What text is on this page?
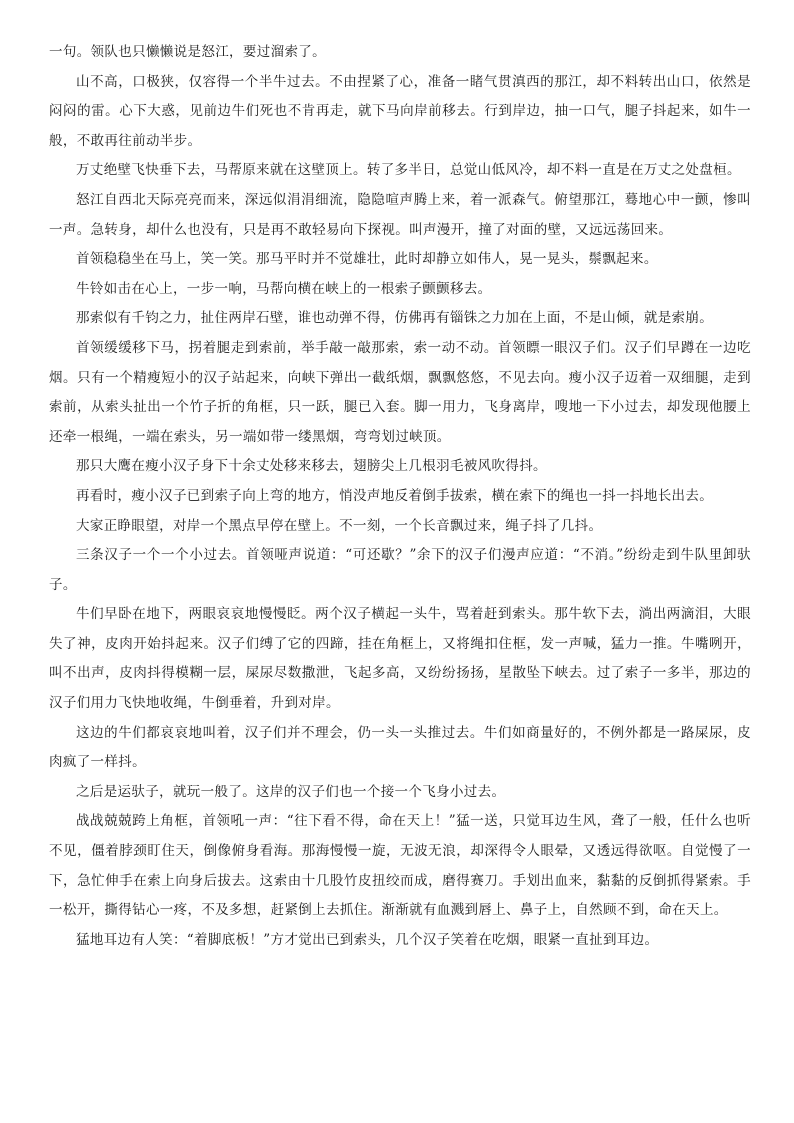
一句。领队也只懒懒说是怒江，要过溜索了。

山不高，口极狭，仅容得一个半牛过去。不由捏紧了心，准备一睹气贯滇西的那江，却不料转出山口，依然是闷闷的雷。心下大惑，见前边牛们死也不肯再走，就下马向岸前移去。行到岸边，抽一口气，腿子抖起来，如牛一般，不敢再往前动半步。

万丈绝壁飞快垂下去，马帮原来就在这壁顶上。转了多半日，总觉山低风冷，却不料一直是在万丈之处盘桓。

怒江自西北天际亮亮而来，深远似涓涓细流，隐隐喧声腾上来，着一派森气。俯望那江，蓦地心中一颤，惨叫一声。急转身，却什么也没有，只是再不敢轻易向下探视。叫声漫开，撞了对面的壁，又远远荡回来。

首领稳稳坐在马上，笑一笑。那马平时并不觉雄壮，此时却静立如伟人，晃一晃头，鬃飘起来。

牛铃如击在心上，一步一响，马帮向横在峡上的一根索子颤颤移去。

那索似有千钧之力，扯住两岸石壁，谁也动弹不得，仿佛再有锱铢之力加在上面，不是山倾，就是索崩。

首领缓缓移下马，拐着腿走到索前，举手敲一敲那索，索一动不动。首领瞟一眼汉子们。汉子们早蹲在一边吃烟。只有一个精瘦短小的汉子站起来，向峡下弹出一截纸烟，飘飘悠悠，不见去向。瘦小汉子迈着一双细腿，走到索前，从索头扯出一个竹子折的角框，只一跃，腿已入套。脚一用力，飞身离岸，嗖地一下小过去，却发现他腰上还牵一根绳，一端在索头，另一端如带一缕黑烟，弯弯划过峡顶。

那只大鹰在瘦小汉子身下十余丈处移来移去，翅膀尖上几根羽毛被风吹得抖。

再看时，瘦小汉子已到索子向上弯的地方，悄没声地反着倒手拔索，横在索下的绳也一抖一抖地长出去。

大家正睁眼望，对岸一个黑点早停在壁上。不一刻，一个长音飘过来，绳子抖了几抖。

三条汉子一个一个小过去。首领哑声说道：“可还歇？”余下的汉子们漫声应道：“不消。”纷纷走到牛队里卸驮子。

牛们早卧在地下，两眼哀哀地慢慢眨。两个汉子横起一头牛，骂着赶到索头。那牛软下去，淌出两滴泪，大眼失了神，皮肉开始抖起来。汉子们缚了它的四蹄，挂在角框上，又将绳扣住框，发一声喊，猛力一推。牛嘴咧开，叫不出声，皮肉抖得模糊一层，屎尿尽数撒泄，飞起多高，又纷纷扬扬，星散坠下峡去。过了索子一多半，那边的汉子们用力飞快地收绳，牛倒垂着，升到对岸。

这边的牛们都哀哀地叫着，汉子们并不理会，仍一头一头推过去。牛们如商量好的，不例外都是一路屎尿，皮肉疯了一样抖。

之后是运驮子，就玩一般了。这岸的汉子们也一个接一个飞身小过去。

战战兢兢跨上角框，首领吼一声：“往下看不得，命在天上！”猛一送，只觉耳边生风，聋了一般，任什么也听不见，僵着脖颈盯住天，倒像俯身看海。那海慢慢一旋，无波无浪，却深得令人眼晕，又透远得欲呕。自觉慢了一下，急忙伸手在索上向身后拔去。这索由十几股竹皮扭绞而成，磨得赛刀。手划出血来，黏黏的反倒抓得紧索。手一松开，撕得钻心一疼，不及多想，赶紧倒上去抓住。渐渐就有血溅到唇上、鼻子上，自然顾不到，命在天上。

猛地耳边有人笑：“着脚底板！”方才觉出已到索头，几个汉子笑着在吃烟，眼紧一直扯到耳边。
